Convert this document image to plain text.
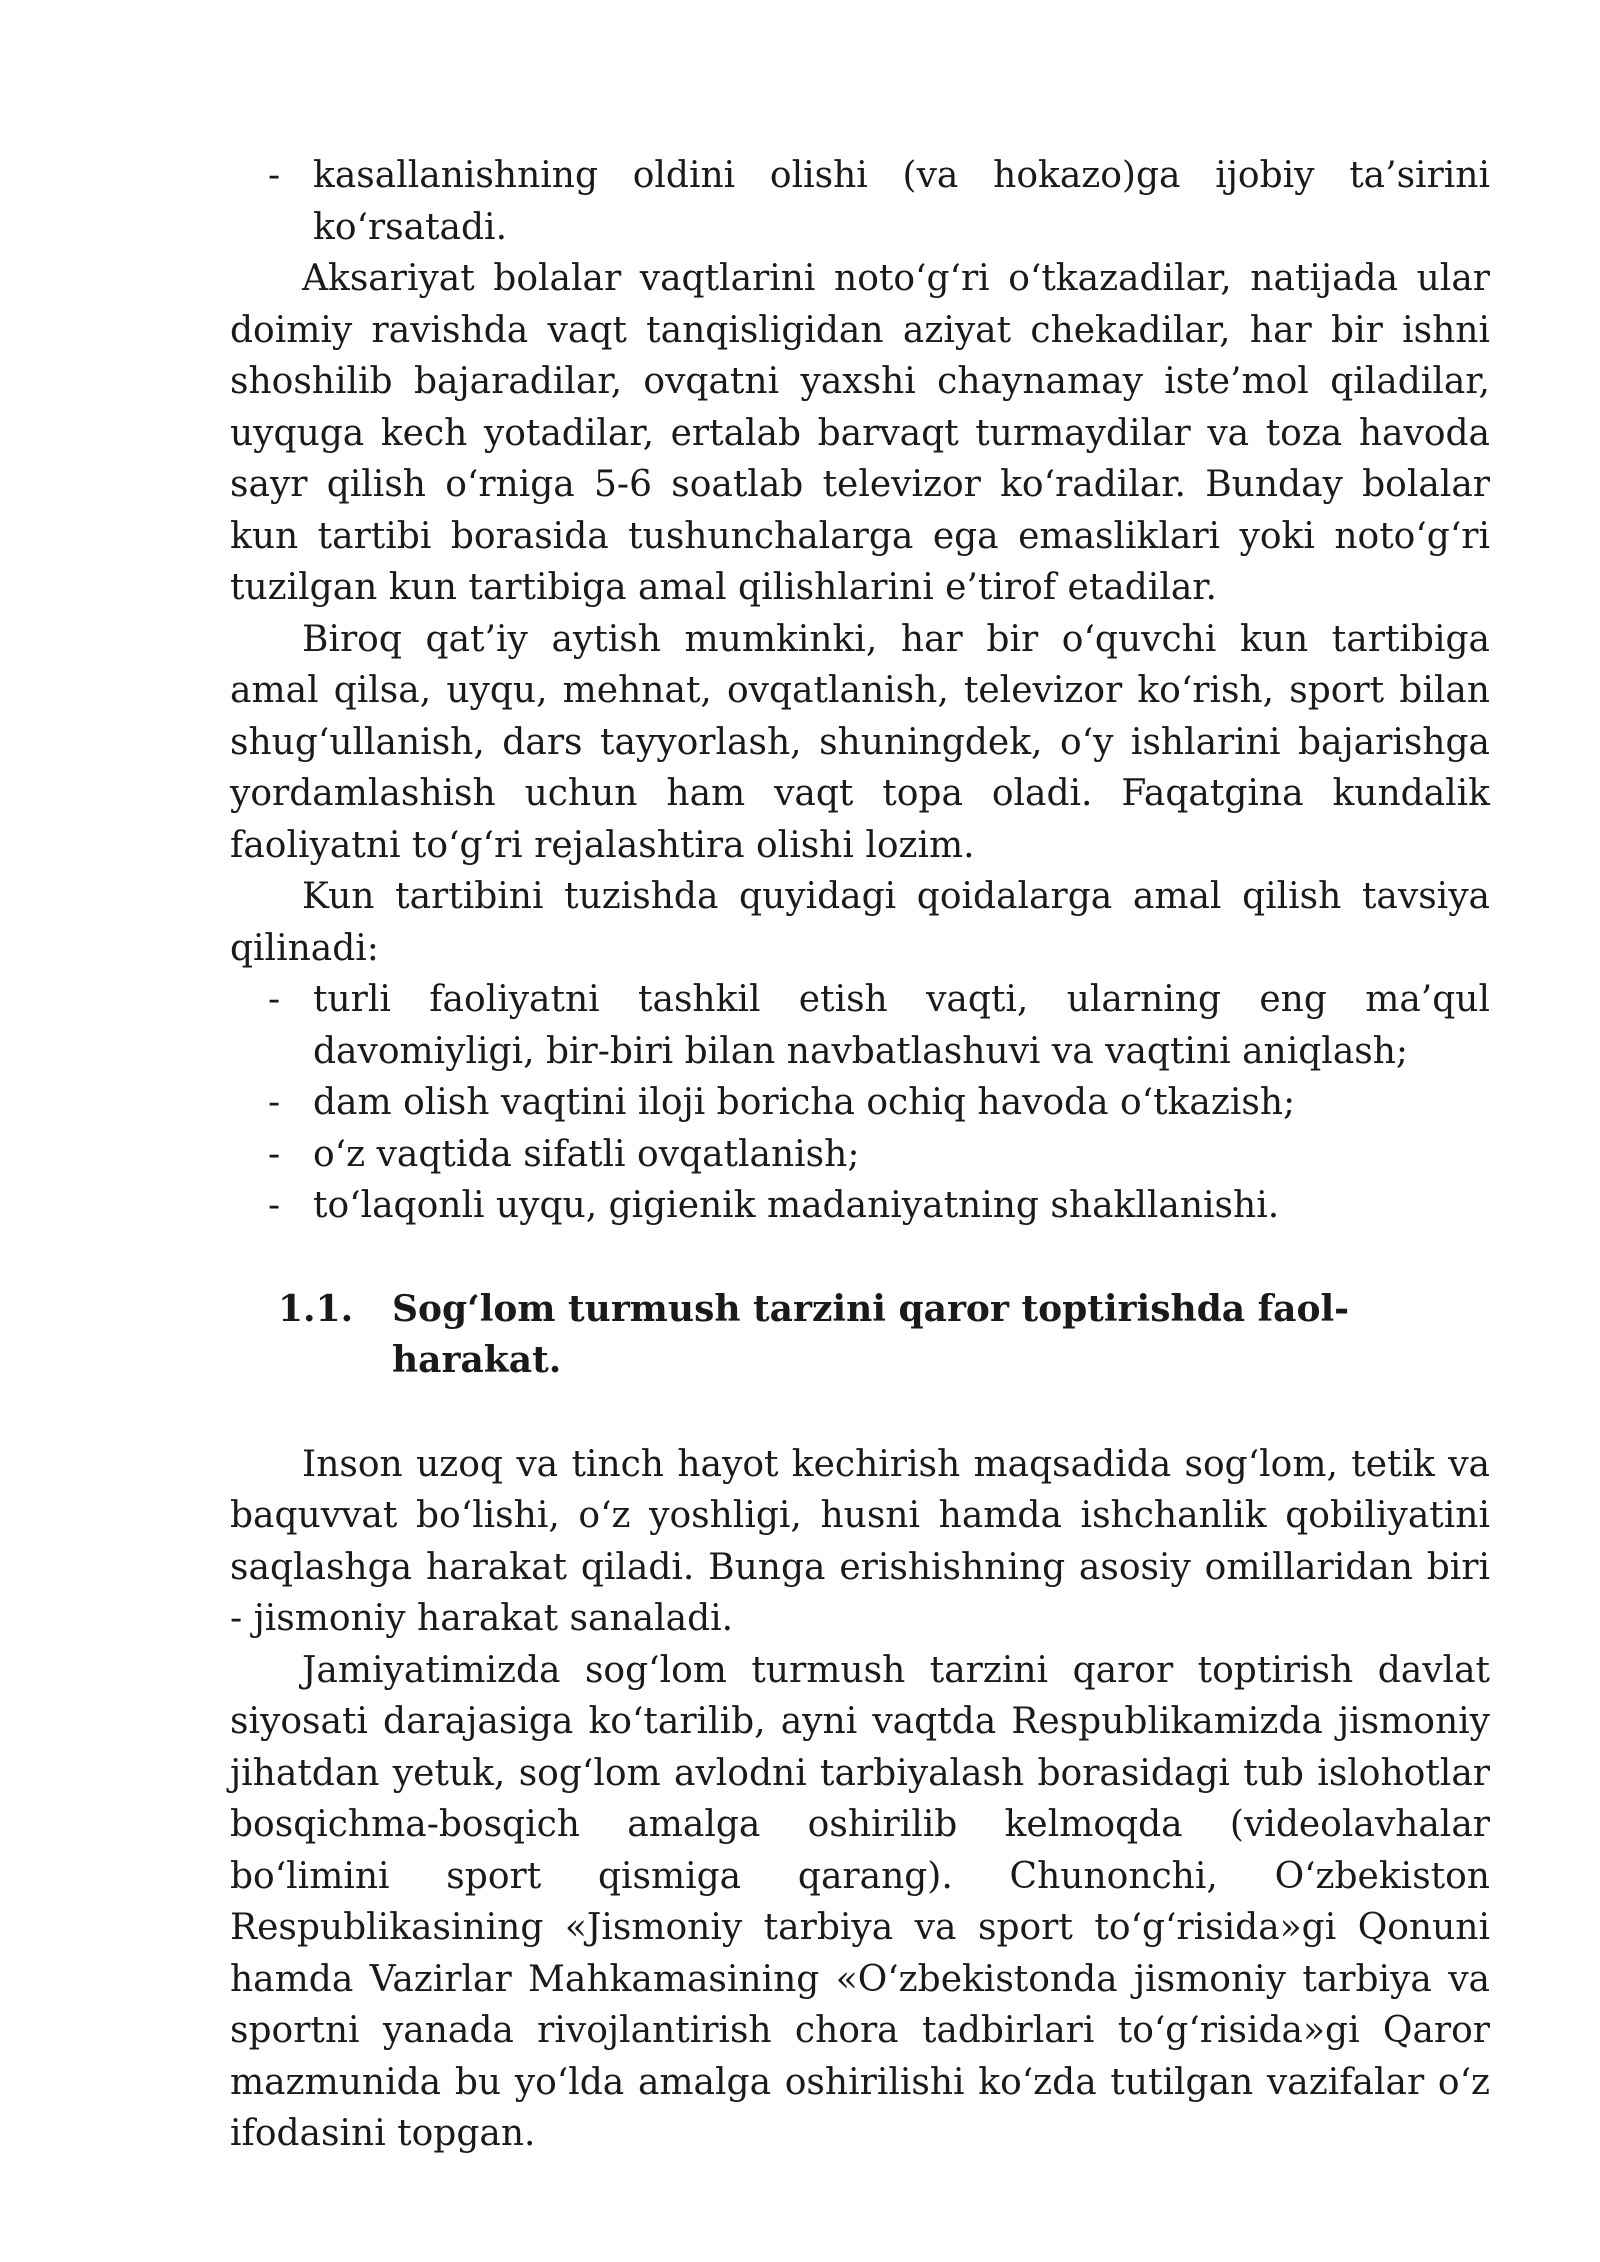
- kasallanishning oldini olishi (va hokazo)ga ijobiy ta’sirini ko‘rsatadi.

Aksariyat bolalar vaqtlarini noto‘g‘ri o‘tkazadilar, natijada ular doimiy ravishda vaqt tanqisligidan aziyat chekadilar, har bir ishni shoshilib bajaradilar, ovqatni yaxshi chaynamay iste’mol qiladilar, uyquga kech yotadilar, ertalab barvaqt turmaydilar va toza havoda sayr qilish o‘rniga 5-6 soatlab televizor ko‘radilar. Bunday bolalar kun tartibi borasida tushunchalarga ega emasliklari yoki noto‘g‘ri tuzilgan kun tartibiga amal qilishlarini e’tirof etadilar.

Biroq qat’iy aytish mumkinki, har bir o‘quvchi kun tartibiga amal qilsa, uyqu, mehnat, ovqatlanish, televizor ko‘rish, sport bilan shug‘ullanish, dars tayyorlash, shuningdek, o‘y ishlarini bajarishga yordamlashish uchun ham vaqt topa oladi. Faqatgina kundalik faoliyatni to‘g‘ri rejalashtira olishi lozim.

Kun tartibini tuzishda quyidagi qoidalarga amal qilish tavsiya qilinadi:

- turli faoliyatni tashkil etish vaqti, ularning eng ma’qul davomiyligi, bir-biri bilan navbatlashuvi va vaqtini aniqlash;
- dam olish vaqtini iloji boricha ochiq havoda o‘tkazish;
- o‘z vaqtida sifatli ovqatlanish;
- to‘laqonli uyqu, gigienik madaniyatning shakllanishi.
1.1.	Sog‘lom turmush tarzini qaror toptirishda faol-harakat.

Inson uzoq va tinch hayot kechirish maqsadida sog‘lom, tetik va baquvvat bo‘lishi, o‘z yoshligi, husni hamda ishchanlik qobiliyatini saqlashga harakat qiladi. Bunga erishishning asosiy omillaridan biri - jismoniy harakat sanaladi.

Jamiyatimizda sog‘lom turmush tarzini qaror toptirish davlat siyosati darajasiga ko‘tarilib, ayni vaqtda Respublikamizda jismoniy jihatdan yetuk, sog‘lom avlodni tarbiyalash borasidagi tub islohotlar bosqichma-bosqich amalga oshirilib kelmoqda (videolavhalar bo‘limini sport qismiga qarang). Chunonchi, O‘zbekiston Respublikasining «Jismoniy tarbiya va sport to‘g‘risida»gi Qonuni hamda Vazirlar Mahkamasining «O‘zbekistonda jismoniy tarbiya va sportni yanada rivojlantirish chora tadbirlari to‘g‘risida»gi Qaror mazmunida bu yo‘lda amalga oshirilishi ko‘zda tutilgan vazifalar o‘z ifodasini topgan.
